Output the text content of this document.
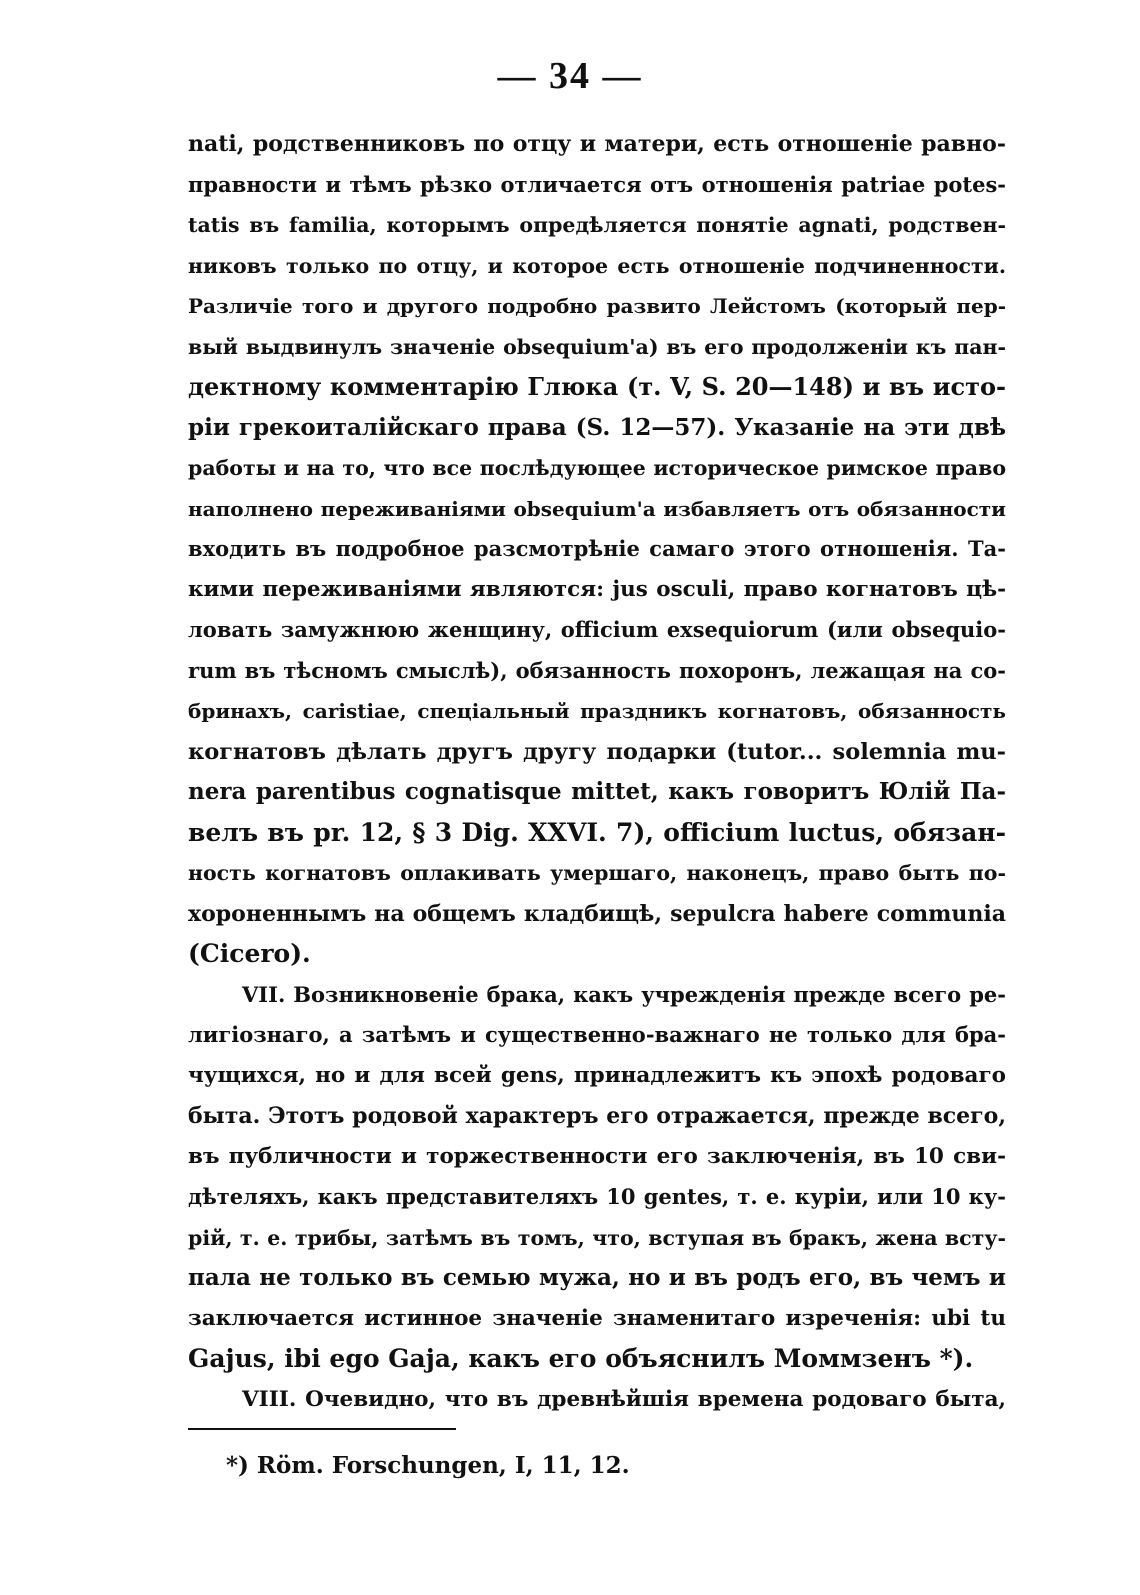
— 34 —
nati, родственниковъ по отцу и матери, есть отношеніе равно-
правности и тѣмъ рѣзко отличается отъ отношенія patriae potes-
tatis въ familia, которымъ опредѣляется понятіе agnati, родствен-
никовъ только по отцу, и которое есть отношеніе подчиненности.
Различіе того и другого подробно развито Лейстомъ (который пер-
вый выдвинулъ значеніе obsequium'а) въ его продолженіи къ пан-
дектному комментарію Глюка (т. V, S. 20—148) и въ исто-
ріи грекоиталійскаго права (S. 12—57). Указаніе на эти двѣ
работы и на то, что все послѣдующее историческое римское право
наполнено переживаніями obsequium'а избавляетъ отъ обязанности
входить въ подробное разсмотрѣніе самаго этого отношенія. Та-
кими переживаніями являются: jus osculi, право когнатовъ цѣ-
ловать замужнюю женщину, officium exsequiorum (или obsequio-
rum въ тѣсномъ смыслѣ), обязанность похоронъ, лежащая на со-
бринахъ, caristiae, спеціальный праздникъ когнатовъ, обязанность
когнатовъ дѣлать другъ другу подарки (tutor... solemnia mu-
nera parentibus cognatisque mittet, какъ говоритъ Юлій Па-
велъ въ pr. 12, § 3 Dig. XXVI. 7), officium luctus, обязан-
ность когнатовъ оплакивать умершаго, наконецъ, право быть по-
хороненнымъ на общемъ кладбищѣ, sepulcra habere communia
(Cicero).
VII. Возникновеніе брака, какъ учрежденія прежде всего ре-
лигіознаго, а затѣмъ и существенно-важнаго не только для бра-
чущихся, но и для всей gens, принадлежитъ къ эпохѣ родоваго
быта. Этотъ родовой характеръ его отражается, прежде всего,
въ публичности и торжественности его заключенія, въ 10 сви-
дѣтеляхъ, какъ представителяхъ 10 gentes, т. е. куріи, или 10 ку-
рій, т. е. трибы, затѣмъ въ томъ, что, вступая въ бракъ, жена всту-
пала не только въ семью мужа, но и въ родъ его, въ чемъ и
заключается истинное значеніе знаменитаго изреченія: ubi tu
Gajus, ibi ego Gaja, какъ его объяснилъ Моммзенъ *).
VIII. Очевидно, что въ древнѣйшія времена родоваго быта,
*) Röm. Forschungen, I, 11, 12.
